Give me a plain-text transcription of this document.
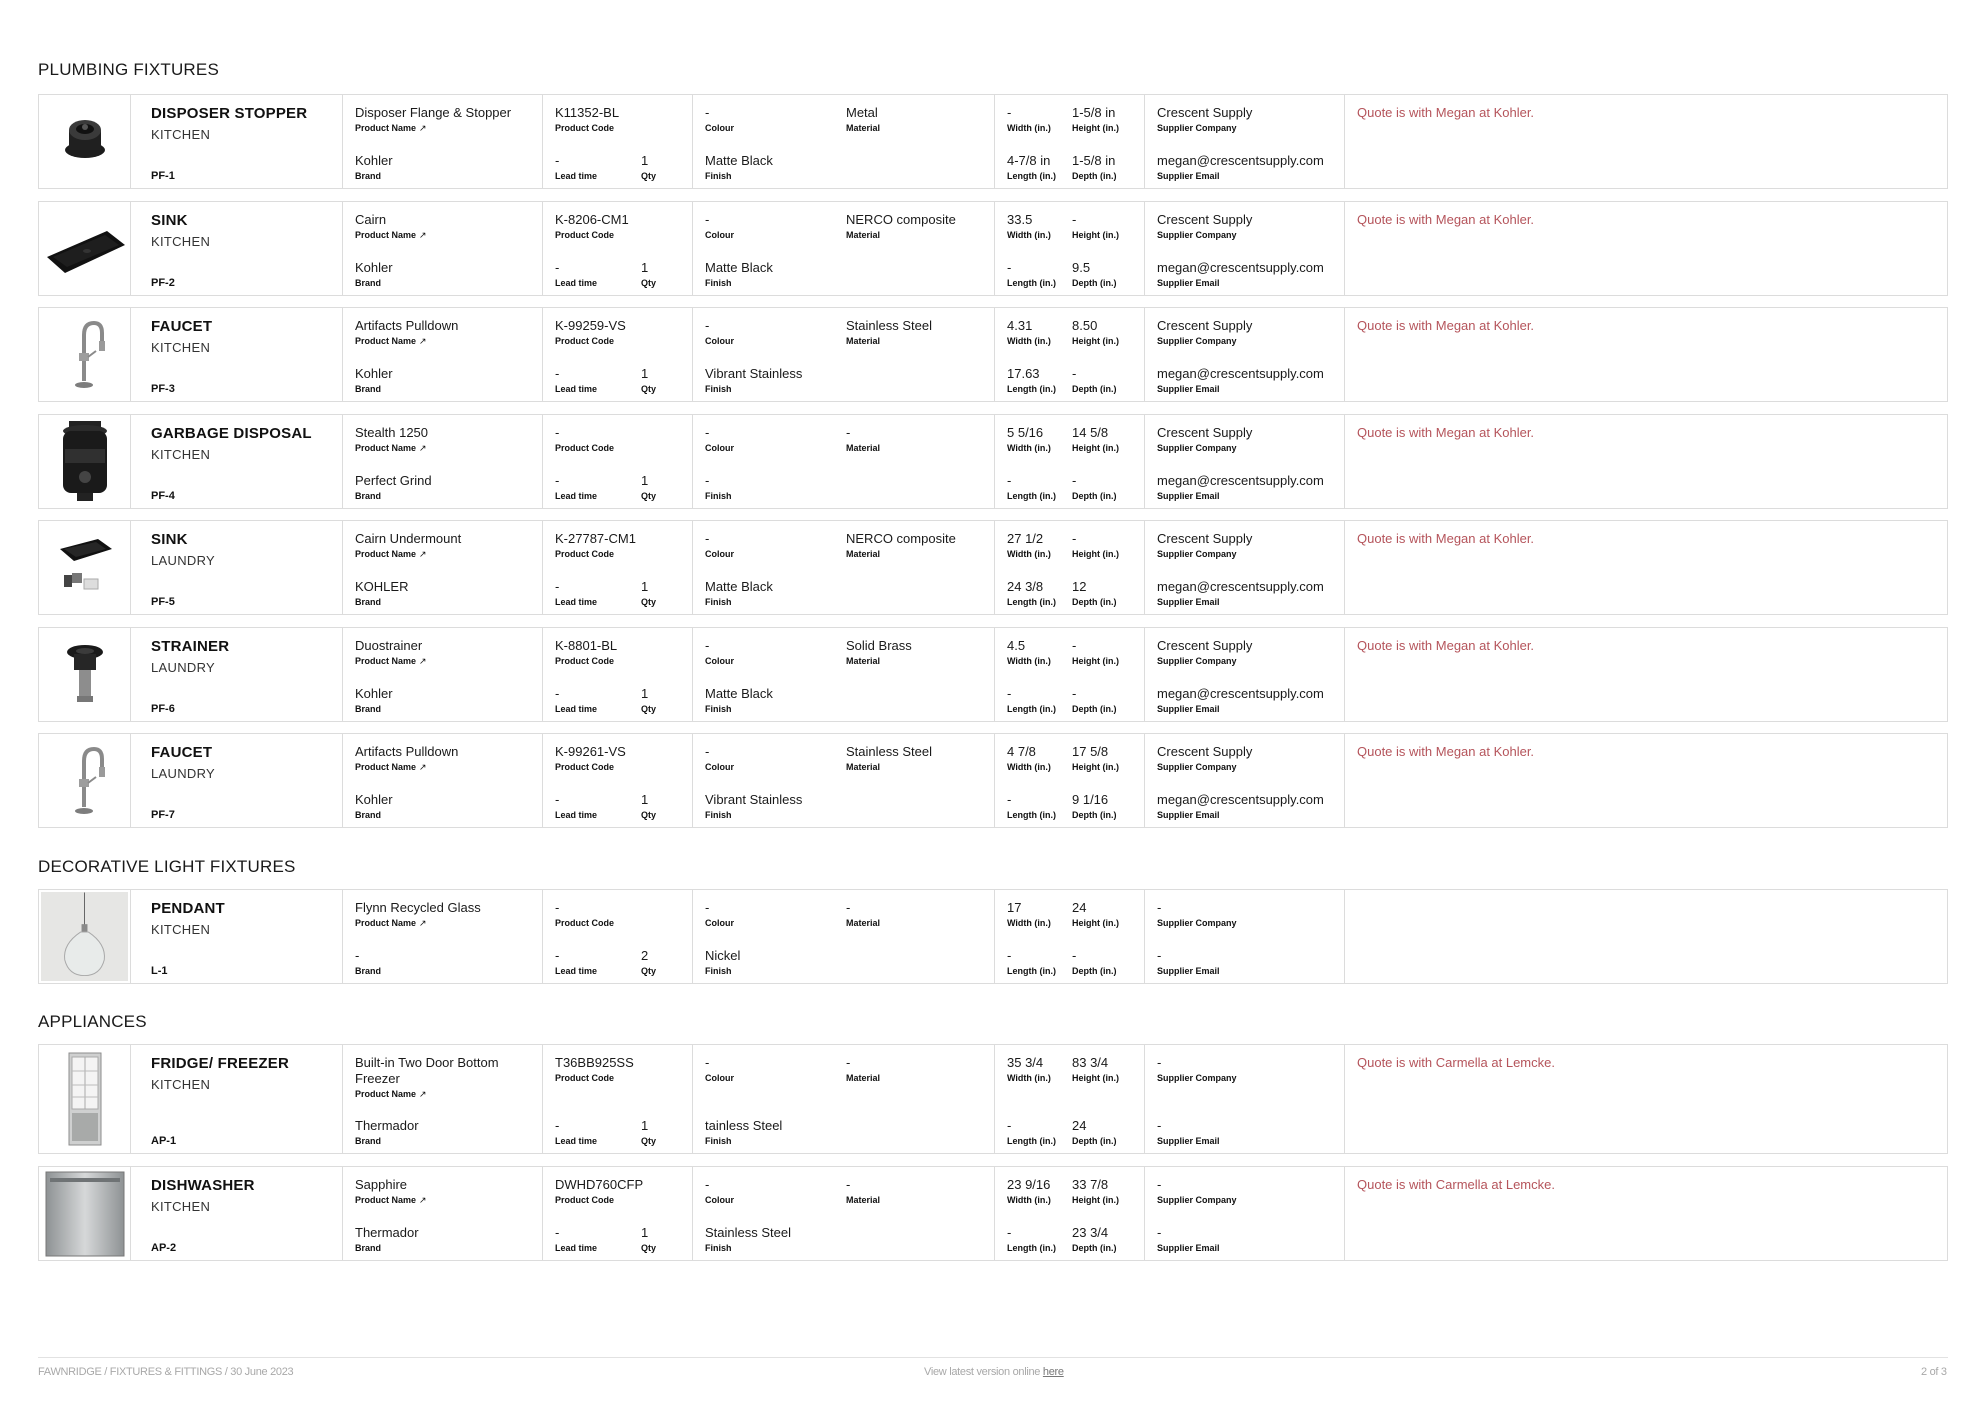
PLUMBING FIXTURES
DISPOSER STOPPER
KITCHEN
PF-1
Disposer Flange & Stopper
Product Name ↗
Kohler
Brand
K11352-BL
Product Code
-
Lead time
1
Qty
-
Colour
Metal
Material
Matte Black
Finish
-
Width (in.)
1-5/8 in
Height (in.)
4-7/8 in
Length (in.)
1-5/8 in
Depth (in.)
Crescent Supply
Supplier Company
megan@crescentsupply.com
Supplier Email
Quote is with Megan at Kohler.
SINK
KITCHEN
PF-2
Cairn
Product Name ↗
Kohler
Brand
K-8206-CM1
Product Code
-
Lead time
1
Qty
-
Colour
NERCO composite
Material
Matte Black
Finish
33.5
Width (in.)
-
Height (in.)
-
Length (in.)
9.5
Depth (in.)
Crescent Supply
Supplier Company
megan@crescentsupply.com
Supplier Email
Quote is with Megan at Kohler.
FAUCET
KITCHEN
PF-3
Artifacts Pulldown
Product Name ↗
Kohler
Brand
K-99259-VS
Product Code
-
Lead time
1
Qty
-
Colour
Stainless Steel
Material
Vibrant Stainless
Finish
4.31
Width (in.)
8.50
Height (in.)
17.63
Length (in.)
-
Depth (in.)
Crescent Supply
Supplier Company
megan@crescentsupply.com
Supplier Email
Quote is with Megan at Kohler.
GARBAGE DISPOSAL
KITCHEN
PF-4
Stealth 1250
Product Name ↗
Perfect Grind
Brand
-
Product Code
-
Lead time
1
Qty
-
Colour
-
Material
-
Finish
5 5/16
Width (in.)
14 5/8
Height (in.)
-
Length (in.)
-
Depth (in.)
Crescent Supply
Supplier Company
megan@crescentsupply.com
Supplier Email
Quote is with Megan at Kohler.
SINK
LAUNDRY
PF-5
Cairn Undermount
Product Name ↗
KOHLER
Brand
K-27787-CM1
Product Code
-
Lead time
1
Qty
-
Colour
NERCO composite
Material
Matte Black
Finish
27 1/2
Width (in.)
-
Height (in.)
24 3/8
Length (in.)
12
Depth (in.)
Crescent Supply
Supplier Company
megan@crescentsupply.com
Supplier Email
Quote is with Megan at Kohler.
STRAINER
LAUNDRY
PF-6
Duostrainer
Product Name ↗
Kohler
Brand
K-8801-BL
Product Code
-
Lead time
1
Qty
-
Colour
Solid Brass
Material
Matte Black
Finish
4.5
Width (in.)
-
Height (in.)
-
Length (in.)
-
Depth (in.)
Crescent Supply
Supplier Company
megan@crescentsupply.com
Supplier Email
Quote is with Megan at Kohler.
FAUCET
LAUNDRY
PF-7
Artifacts Pulldown
Product Name ↗
Kohler
Brand
K-99261-VS
Product Code
-
Lead time
1
Qty
-
Colour
Stainless Steel
Material
Vibrant Stainless
Finish
4 7/8
Width (in.)
17 5/8
Height (in.)
-
Length (in.)
9 1/16
Depth (in.)
Crescent Supply
Supplier Company
megan@crescentsupply.com
Supplier Email
Quote is with Megan at Kohler.
DECORATIVE LIGHT FIXTURES
PENDANT
KITCHEN
L-1
Flynn Recycled Glass
Product Name ↗
-
Brand
-
Product Code
-
Lead time
2
Qty
-
Colour
-
Material
Nickel
Finish
17
Width (in.)
24
Height (in.)
-
Length (in.)
-
Depth (in.)
-
Supplier Company
-
Supplier Email
APPLIANCES
FRIDGE/ FREEZER
KITCHEN
AP-1
Built-in Two Door Bottom Freezer
Product Name ↗
Thermador
Brand
T36BB925SS
Product Code
-
Lead time
1
Qty
-
Colour
-
Material
tainless Steel
Finish
35 3/4
Width (in.)
83 3/4
Height (in.)
-
Length (in.)
24
Depth (in.)
-
Supplier Company
-
Supplier Email
Quote is with Carmella at Lemcke.
DISHWASHER
KITCHEN
AP-2
Sapphire
Product Name ↗
Thermador
Brand
DWHD760CFP
Product Code
-
Lead time
1
Qty
-
Colour
-
Material
Stainless Steel
Finish
23 9/16
Width (in.)
33 7/8
Height (in.)
-
Length (in.)
23 3/4
Depth (in.)
-
Supplier Company
-
Supplier Email
Quote is with Carmella at Lemcke.
FAWNRIDGE / FIXTURES & FITTINGS / 30 June 2023	View latest version online here	2 of 3
